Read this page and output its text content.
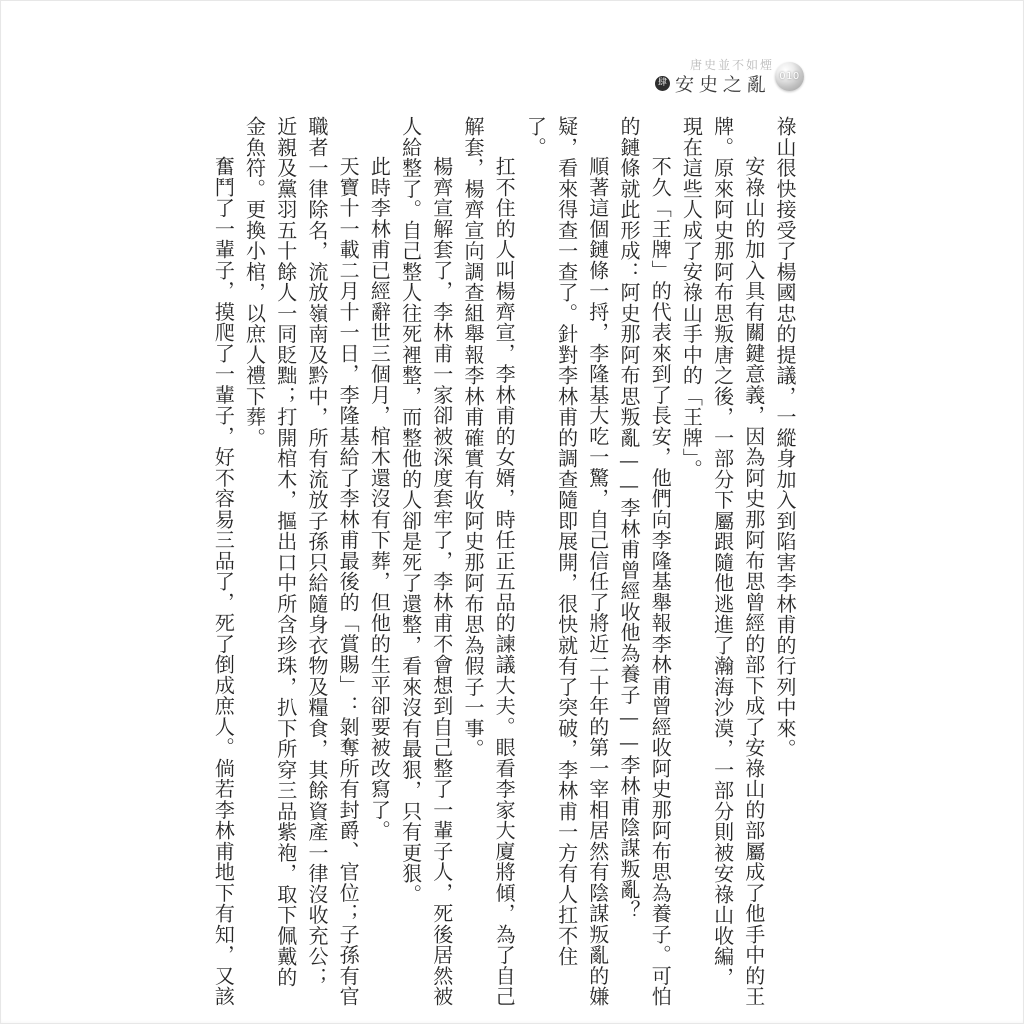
唐史並不如煙
肆 安史之亂 010

祿山很快接受了楊國忠的提議，一縱身加入到陷害李林甫的行列中來。

安祿山的加入具有關鍵意義，因為阿史那阿布思曾經的部下成了安祿山的部屬成了他手中的王牌。原來阿史那阿布思叛唐之後，一部分下屬跟隨他逃進了瀚海沙漠，一部分則被安祿山收編，現在這些人成了安祿山手中的「王牌」。

不久「王牌」的代表來到了長安，他們向李隆基舉報李林甫曾經收阿史那阿布思為養子。可怕的鏈條就此形成：阿史那阿布思叛亂——李林甫曾經收他為養子——李林甫陰謀叛亂？

順著這個鏈條一捋，李隆基大吃一驚，自己信任了將近二十年的第一宰相居然有陰謀叛亂的嫌疑，看來得查一查了。針對李林甫的調查隨即展開，很快就有了突破，李林甫一方有人扛不住了。

扛不住的人叫楊齊宣，李林甫的女婿，時任正五品的諫議大夫。眼看李家大廈將傾，為了自己解套，楊齊宣向調查組舉報李林甫確實有收阿史那阿布思為假子一事。

楊齊宣解套了，李林甫一家卻被深度套牢了，李林甫不會想到自己整了一輩子人，死後居然被人給整了。自己整人往死裡整，而整他的人卻是死了還整，看來沒有最狠，只有更狠。

此時李林甫已經辭世三個月，棺木還沒有下葬，但他的生平卻要被改寫了。

天寶十一載二月十一日，李隆基給了李林甫最後的「賞賜」：剝奪所有封爵、官位；子孫有官職者一律除名，流放嶺南及黔中，所有流放子孫只給隨身衣物及糧食，其餘資產一律沒收充公；近親及黨羽五十餘人一同貶黜；打開棺木，摳出口中所含珍珠，扒下所穿三品紫袍，取下佩戴的金魚符。更換小棺，以庶人禮下葬。

奮鬥了一輩子，摸爬了一輩子，好不容易三品了，死了倒成庶人。倘若李林甫地下有知，又該
